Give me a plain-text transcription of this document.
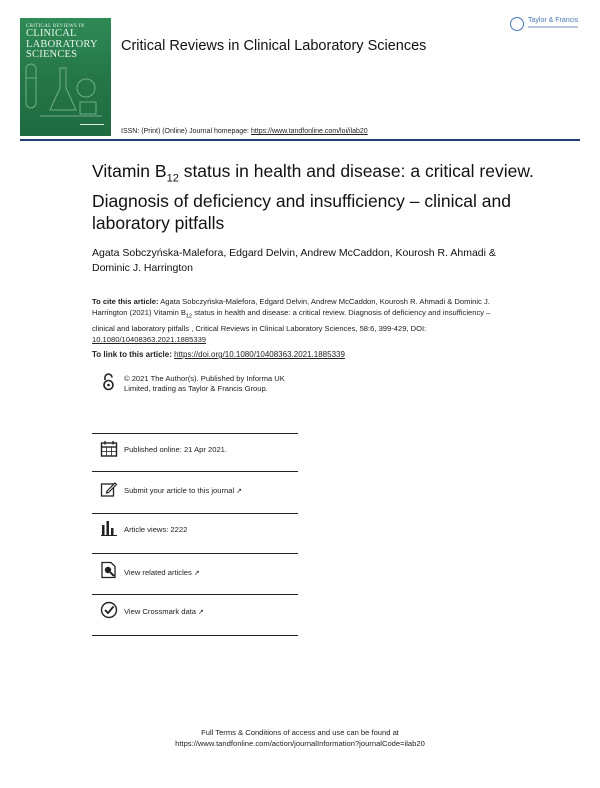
CRITICAL REVIEWS IN
CLINICAL
LABORATORY
SCIENCES
Critical Reviews in Clinical Laboratory Sciences
Taylor & Francis
ISSN: (Print) (Online) Journal homepage: https://www.tandfonline.com/loi/ilab20
Vitamin $B_{12}$ status in health and disease: a critical review. Diagnosis of deficiency and insufficiency – clinical and laboratory pitfalls
Agata Sobczyńska-Malefora, Edgard Delvin, Andrew McCaddon, Kourosh R. Ahmadi & Dominic J. Harrington
To cite this article: Agata Sobczyńska-Malefora, Edgard Delvin, Andrew McCaddon, Kourosh R. Ahmadi & Dominic J. Harrington (2021) Vitamin $B_{12}$ status in health and disease: a critical review. Diagnosis of deficiency and insufficiency – clinical and laboratory pitfalls , Critical Reviews in Clinical Laboratory Sciences, 58:6, 399-429, DOI: 10.1080/10408363.2021.1885339
To link to this article: https://doi.org/10.1080/10408363.2021.1885339
© 2021 The Author(s). Published by Informa UK Limited, trading as Taylor & Francis Group.
Published online: 21 Apr 2021.
Submit your article to this journal ↗
Article views: 2222
View related articles ↗
View Crossmark data ↗
Full Terms & Conditions of access and use can be found at
https://www.tandfonline.com/action/journalInformation?journalCode=ilab20
